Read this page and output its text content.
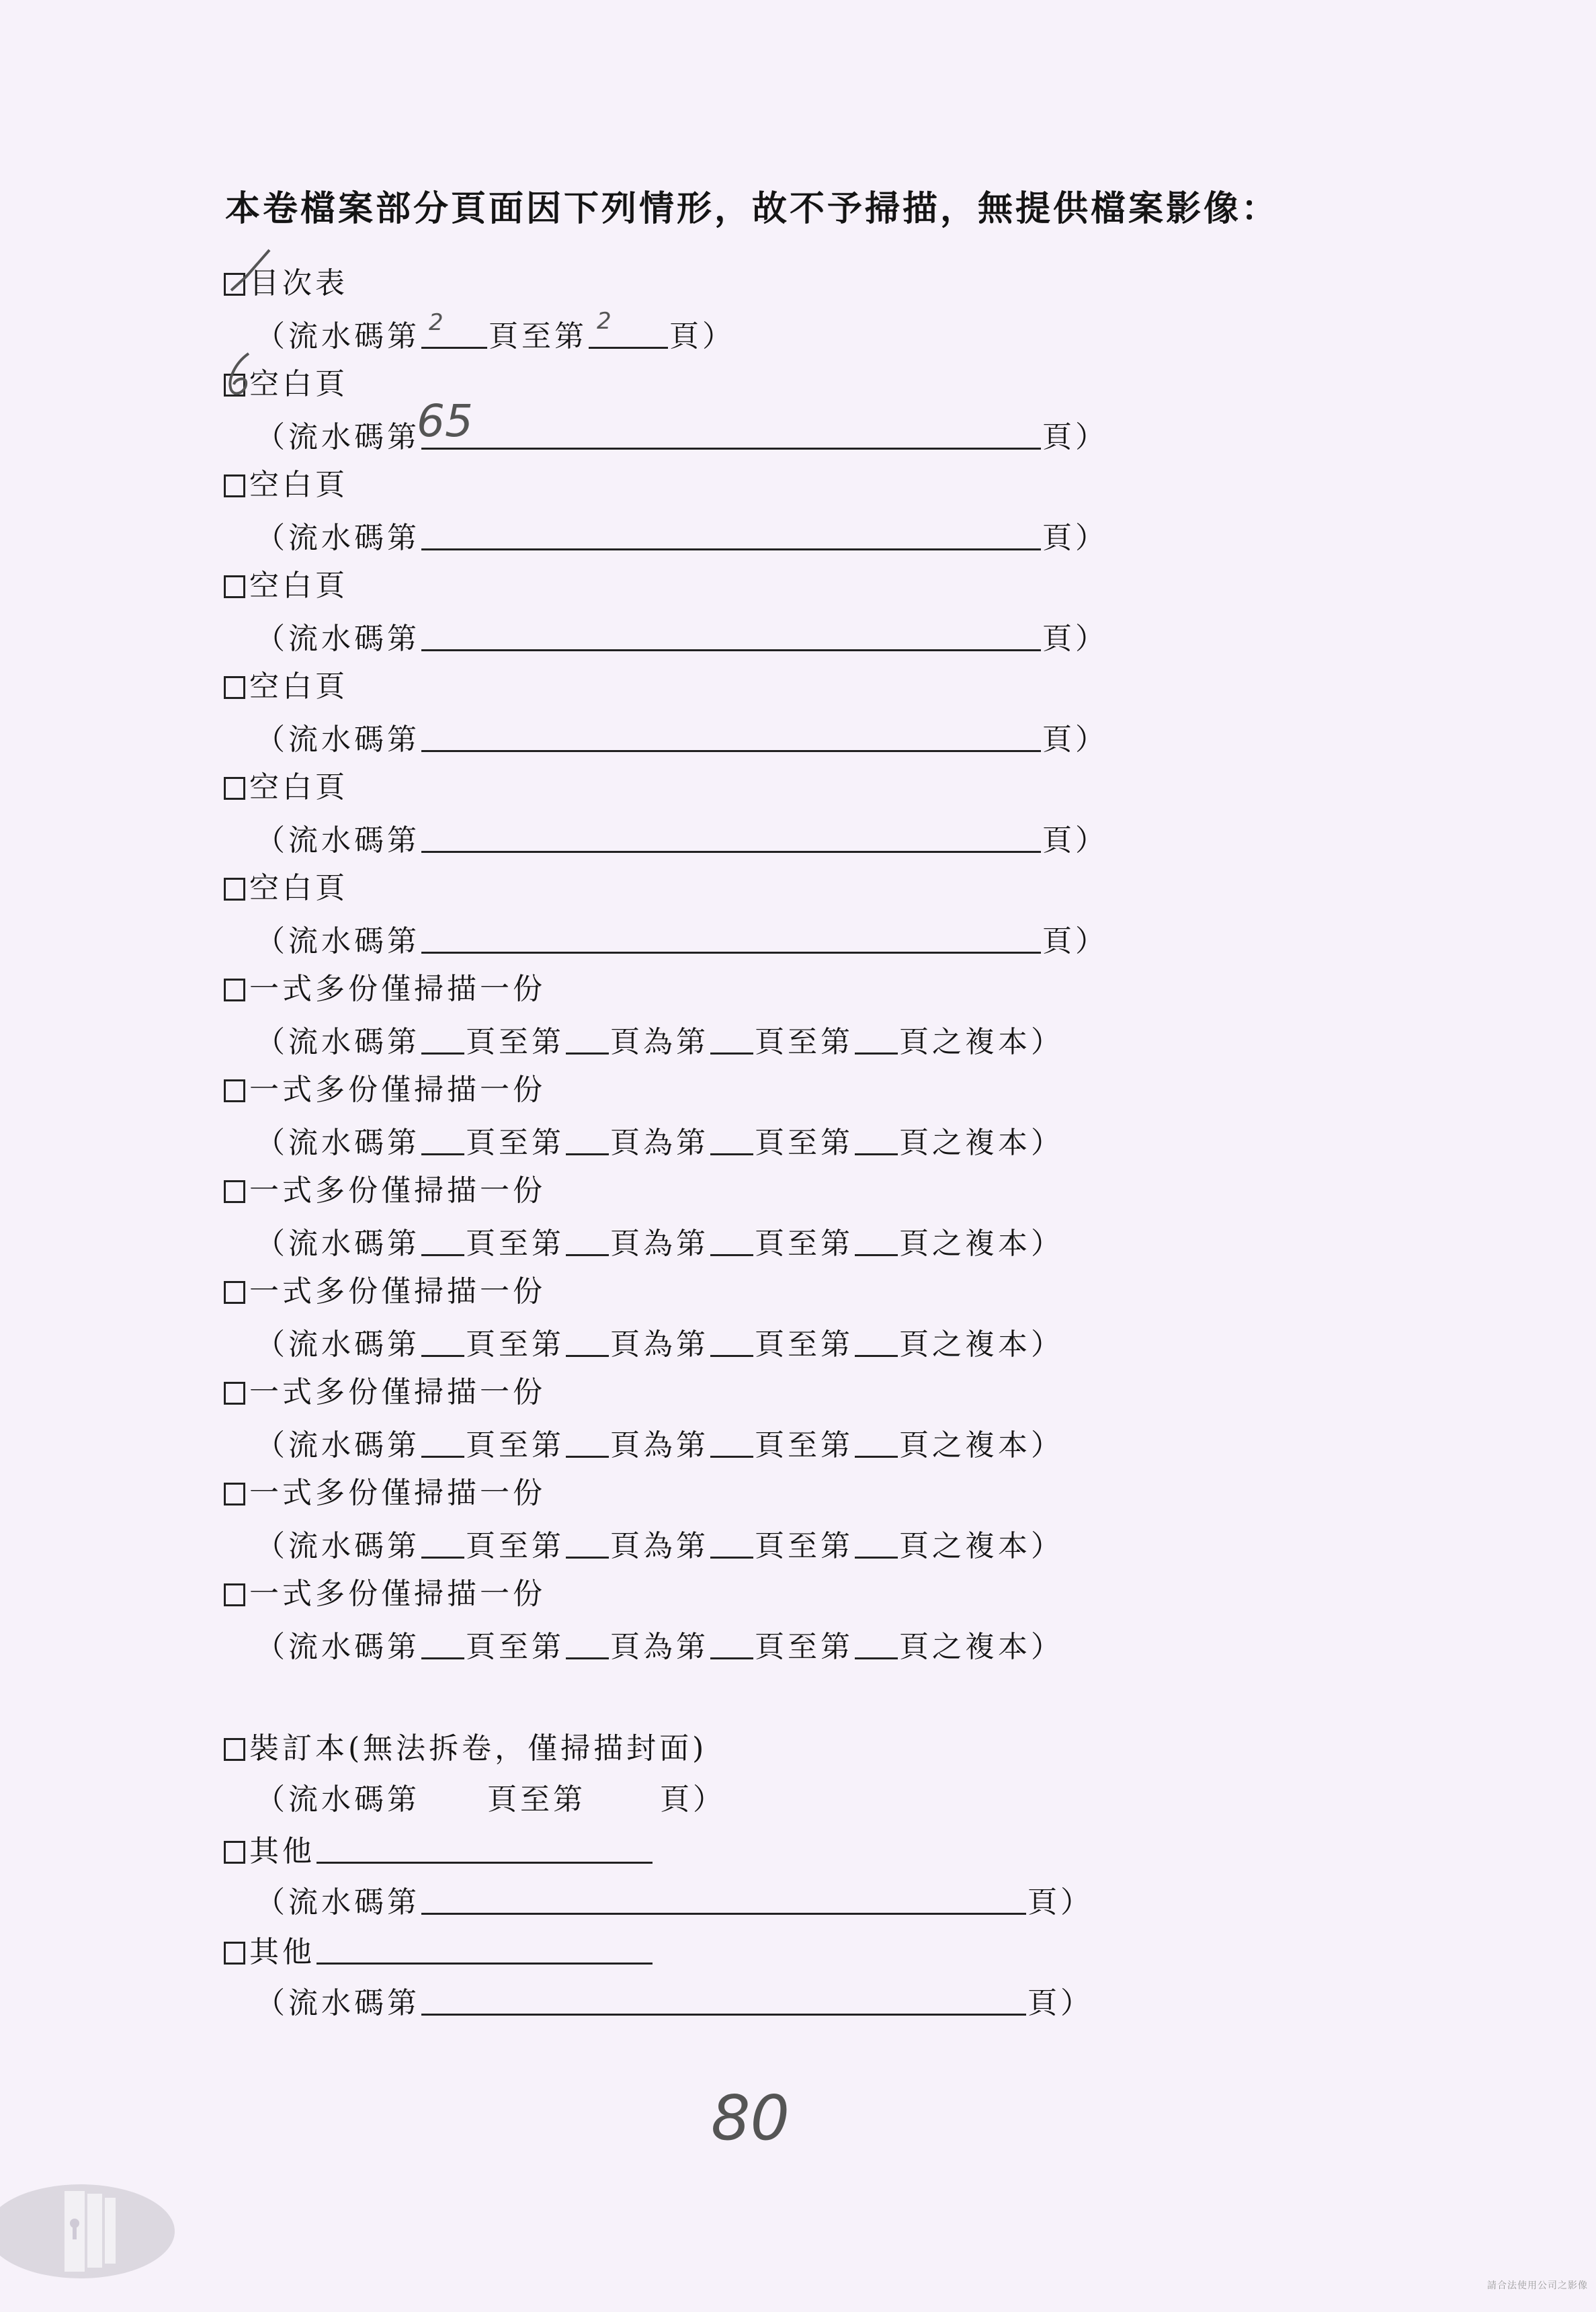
本卷檔案部分頁面因下列情形，故不予掃描，無提供檔案影像：
目次表
（流水碼第 頁至第	頁）
空白頁
（流水碼第	頁）
空白頁
（流水碼第	頁）
空白頁
（流水碼第	頁）
空白頁
（流水碼第	頁）
空白頁
（流水碼第	頁）
空白頁
（流水碼第	頁）
一式多份僅掃描一份
（流水碼第 頁至第 頁為第 頁至第 頁之複本）
一式多份僅掃描一份
（流水碼第 頁至第 頁為第 頁至第 頁之複本）
一式多份僅掃描一份
（流水碼第 頁至第 頁為第 頁至第 頁之複本）
一式多份僅掃描一份
（流水碼第 頁至第 頁為第 頁至第 頁之複本）
一式多份僅掃描一份
（流水碼第 頁至第 頁為第 頁至第 頁之複本）
一式多份僅掃描一份
（流水碼第 頁至第 頁為第 頁至第 頁之複本）
一式多份僅掃描一份
（流水碼第 頁至第 頁為第 頁至第 頁之複本）
裝訂本(無法拆卷，僅掃描封面)
（流水碼第 頁至第	頁）
其他
（流水碼第	頁）
其他
（流水碼第	頁）
2	2
65
80
請合法使用公司之影像
